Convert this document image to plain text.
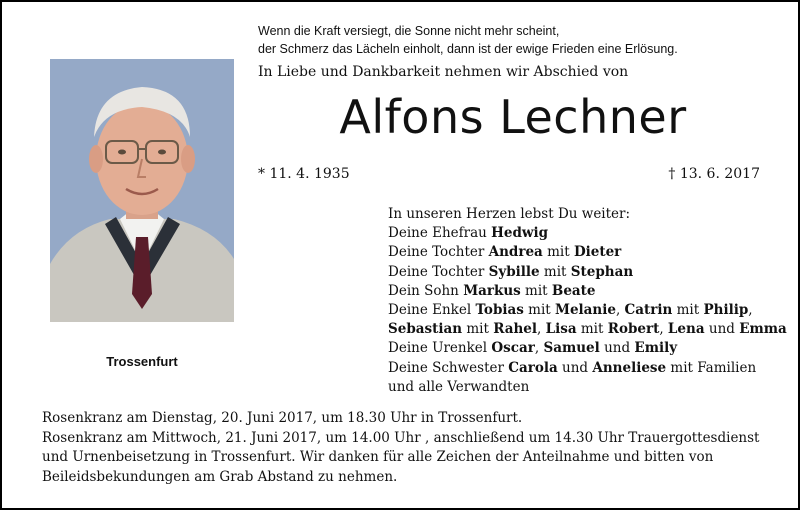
Wenn die Kraft versiegt, die Sonne nicht mehr scheint,
der Schmerz das Lächeln einholt, dann ist der ewige Frieden eine Erlösung.
In Liebe und Dankbarkeit nehmen wir Abschied von
Alfons Lechner
* 11. 4. 1935	† 13. 6. 2017
Trossenfurt
In unseren Herzen lebst Du weiter:
Deine Ehefrau Hedwig
Deine Tochter Andrea mit Dieter
Deine Tochter Sybille mit Stephan
Dein Sohn Markus mit Beate
Deine Enkel Tobias mit Melanie, Catrin mit Philip,
Sebastian mit Rahel, Lisa mit Robert, Lena und Emma
Deine Urenkel Oscar, Samuel und Emily
Deine Schwester Carola und Anneliese mit Familien
und alle Verwandten
Rosenkranz am Dienstag, 20. Juni 2017, um 18.30 Uhr in Trossenfurt.
Rosenkranz am Mittwoch, 21. Juni 2017, um 14.00 Uhr , anschließend um 14.30 Uhr Trauergottesdienst
und Urnenbeisetzung in Trossenfurt. Wir danken für alle Zeichen der Anteilnahme und bitten von
Beileidsbekundungen am Grab Abstand zu nehmen.
